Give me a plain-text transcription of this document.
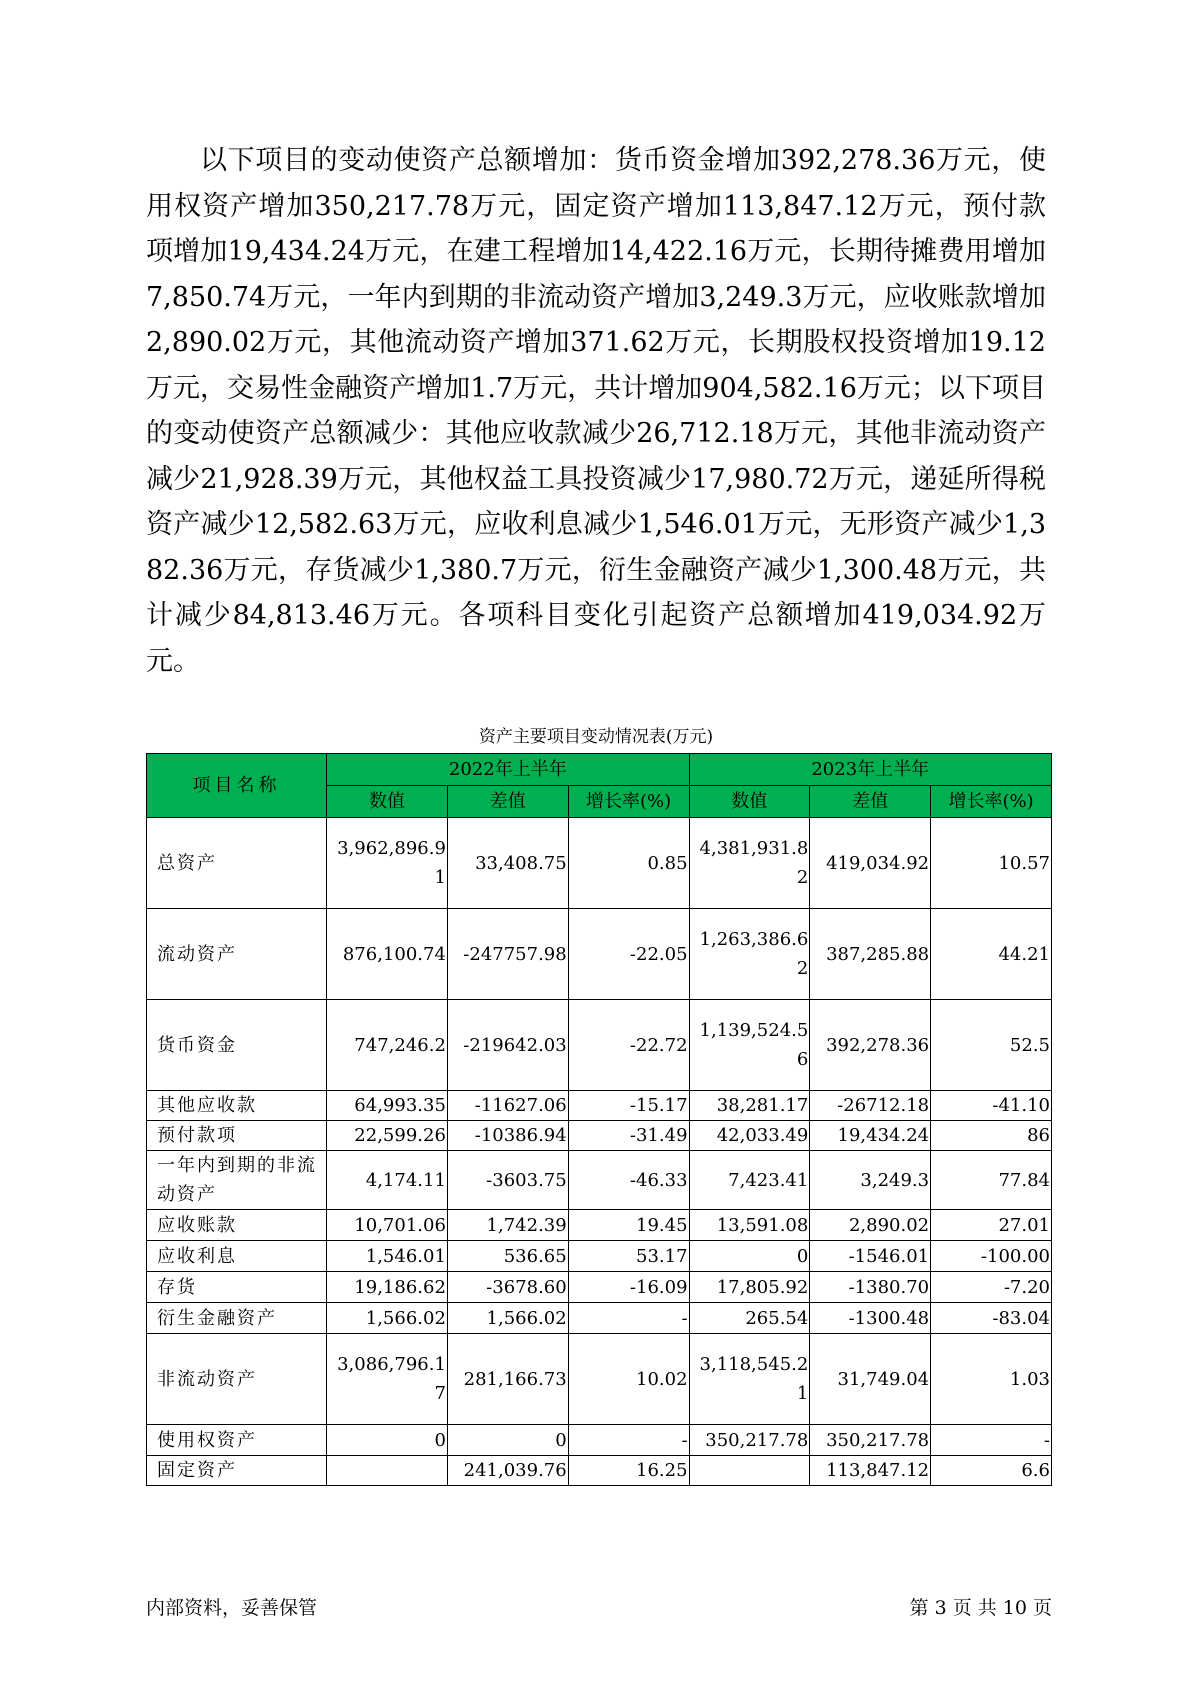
以下项目的变动使资产总额增加：货币资金增加392,278.36万元，使用权资产增加350,217.78万元，固定资产增加113,847.12万元，预付款项增加19,434.24万元，在建工程增加14,422.16万元，长期待摊费用增加7,850.74万元，一年内到期的非流动资产增加3,249.3万元，应收账款增加2,890.02万元，其他流动资产增加371.62万元，长期股权投资增加19.12万元，交易性金融资产增加1.7万元，共计增加904,582.16万元；以下项目的变动使资产总额减少：其他应收款减少26,712.18万元，其他非流动资产减少21,928.39万元，其他权益工具投资减少17,980.72万元，递延所得税资产减少12,582.63万元，应收利息减少1,546.01万元，无形资产减少1,382.36万元，存货减少1,380.7万元，衍生金融资产减少1,300.48万元，共计减少84,813.46万元。各项科目变化引起资产总额增加419,034.92万元。

资产主要项目变动情况表(万元)
项目名称	2022年上半年			2023年上半年		
	数值	差值	增长率(%)	数值	差值	增长率(%)
总资产	3,962,896.91	33,408.75	0.85	4,381,931.82	419,034.92	10.57
流动资产	876,100.74	-247757.98	-22.05	1,263,386.62	387,285.88	44.21
货币资金	747,246.2	-219642.03	-22.72	1,139,524.56	392,278.36	52.5
其他应收款	64,993.35	-11627.06	-15.17	38,281.17	-26712.18	-41.10
预付款项	22,599.26	-10386.94	-31.49	42,033.49	19,434.24	86
一年内到期的非流动资产	4,174.11	-3603.75	-46.33	7,423.41	3,249.3	77.84
应收账款	10,701.06	1,742.39	19.45	13,591.08	2,890.02	27.01
应收利息	1,546.01	536.65	53.17	0	-1546.01	-100.00
存货	19,186.62	-3678.60	-16.09	17,805.92	-1380.70	-7.20
衍生金融资产	1,566.02	1,566.02	-	265.54	-1300.48	-83.04
非流动资产	3,086,796.17	281,166.73	10.02	3,118,545.21	31,749.04	1.03
使用权资产	0	0	-	350,217.78	350,217.78	-
固定资产		241,039.76	16.25		113,847.12	6.6
内部资料，妥善保管	第 3 页 共 10 页
